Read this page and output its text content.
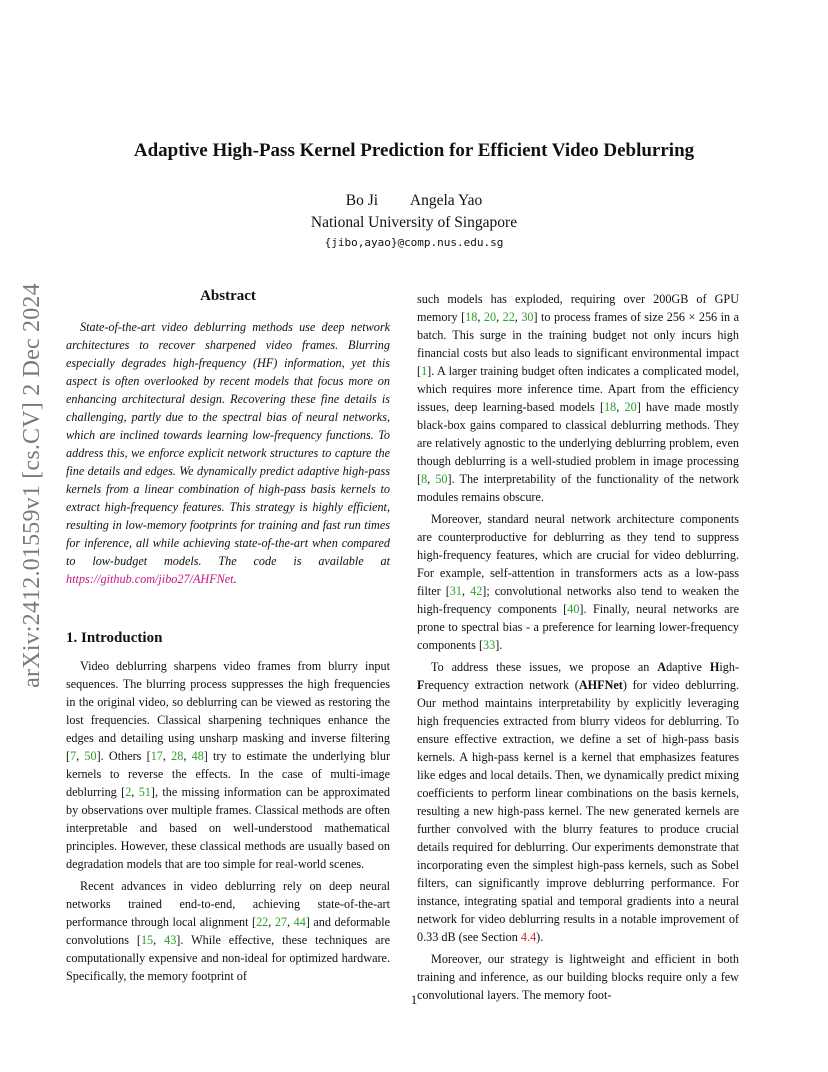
arXiv:2412.01559v1 [cs.CV] 2 Dec 2024
Adaptive High-Pass Kernel Prediction for Efficient Video Deblurring
Bo Ji Angela Yao
National University of Singapore
{jibo,ayao}@comp.nus.edu.sg
Abstract

State-of-the-art video deblurring methods use deep network architectures to recover sharpened video frames. Blurring especially degrades high-frequency (HF) information, yet this aspect is often overlooked by recent models that focus more on enhancing architectural design. Recovering these fine details is challenging, partly due to the spectral bias of neural networks, which are inclined towards learning low-frequency functions. To address this, we enforce explicit network structures to capture the fine details and edges. We dynamically predict adaptive high-pass kernels from a linear combination of high-pass basis kernels to extract high-frequency features. This strategy is highly efficient, resulting in low-memory footprints for training and fast run times for inference, all while achieving state-of-the-art when compared to low-budget models. The code is available at https://github.com/jibo27/AHFNet.

1. Introduction

Video deblurring sharpens video frames from blurry input sequences. The blurring process suppresses the high frequencies in the original video, so deblurring can be viewed as restoring the lost frequencies. Classical sharpening techniques enhance the edges and detailing using unsharp masking and inverse filtering [7, 50]. Others [17, 28, 48] try to estimate the underlying blur kernels to reverse the effects. In the case of multi-image deblurring [2, 51], the missing information can be approximated by observations over multiple frames. Classical methods are often interpretable and based on well-understood mathematical principles. However, these classical methods are usually based on degradation models that are too simple for real-world scenes.

Recent advances in video deblurring rely on deep neural networks trained end-to-end, achieving state-of-the-art performance through local alignment [22, 27, 44] and deformable convolutions [15, 43]. While effective, these techniques are computationally expensive and non-ideal for optimized hardware. Specifically, the memory footprint of

such models has exploded, requiring over 200GB of GPU memory [18, 20, 22, 30] to process frames of size 256 × 256 in a batch. This surge in the training budget not only incurs high financial costs but also leads to significant environmental impact [1]. A larger training budget often indicates a complicated model, which requires more inference time. Apart from the efficiency issues, deep learning-based models [18, 20] have made mostly black-box gains compared to classical deblurring methods. They are relatively agnostic to the underlying deblurring problem, even though deblurring is a well-studied problem in image processing [8, 50]. The interpretability of the functionality of the network modules remains obscure.

Moreover, standard neural network architecture components are counterproductive for deblurring as they tend to suppress high-frequency features, which are crucial for video deblurring. For example, self-attention in transformers acts as a low-pass filter [31, 42]; convolutional networks also tend to weaken the high-frequency components [40]. Finally, neural networks are prone to spectral bias - a preference for learning lower-frequency components [33].

To address these issues, we propose an Adaptive High-Frequency extraction network (AHFNet) for video deblurring. Our method maintains interpretability by explicitly leveraging high frequencies extracted from blurry videos for deblurring. To ensure effective extraction, we define a set of high-pass basis kernels. A high-pass kernel is a kernel that emphasizes features like edges and local details. Then, we dynamically predict mixing coefficients to perform linear combinations on the basis kernels, resulting a new high-pass kernel. The new generated kernels are further convolved with the blurry features to produce crucial details required for deblurring. Our experiments demonstrate that incorporating even the simplest high-pass kernels, such as Sobel filters, can significantly improve deblurring performance. For instance, integrating spatial and temporal gradients into a neural network for video deblurring results in a notable improvement of 0.33 dB (see Section 4.4).

Moreover, our strategy is lightweight and efficient in both training and inference, as our building blocks require only a few convolutional layers. The memory foot-

1
